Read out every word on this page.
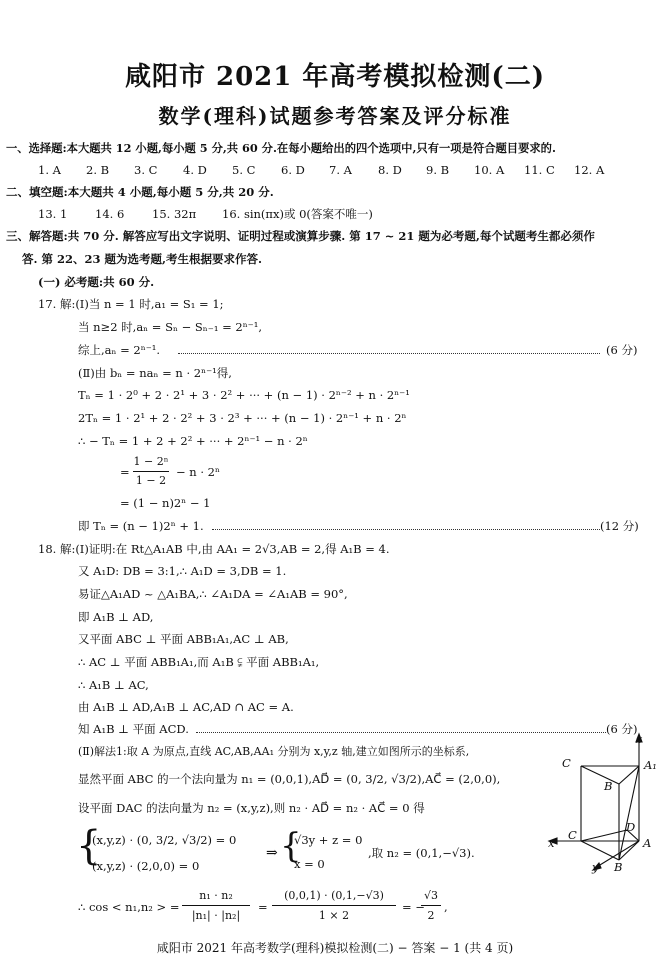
咸阳市 2021 年高考模拟检测(二)
数学(理科)试题参考答案及评分标准
一、选择题:本大题共 12 小题,每小题 5 分,共 60 分.在每小题给出的四个选项中,只有一项是符合题目要求的.
1. A 2. B 3. C 4. D 5. C 6. D 7. A 8. D 9. B 10. A 11. C 12. A
二、填空题:本大题共 4 小题,每小题 5 分,共 20 分.
13. 1 14. 6 15. 32π 16. sin(πx)或 0(答案不唯一)
三、解答题:共 70 分. 解答应写出文字说明、证明过程或演算步骤. 第 17 ~ 21 题为必考题,每个试题考生都必须作
答. 第 22、23 题为选考题,考生根据要求作答.
(一) 必考题:共 60 分.
17. 解:(Ⅰ)当 n = 1 时,a₁ = S₁ = 1;
当 n≥2 时,aₙ = Sₙ − Sₙ₋₁ = 2ⁿ⁻¹,
综上,aₙ = 2ⁿ⁻¹.	(6 分)
(Ⅱ)由 bₙ = naₙ = n · 2ⁿ⁻¹得,
Tₙ = 1 · 2⁰ + 2 · 2¹ + 3 · 2² + ··· + (n − 1) · 2ⁿ⁻² + n · 2ⁿ⁻¹
2Tₙ = 1 · 2¹ + 2 · 2² + 3 · 2³ + ··· + (n − 1) · 2ⁿ⁻¹ + n · 2ⁿ
∴ − Tₙ = 1 + 2 + 2² + ··· + 2ⁿ⁻¹ − n · 2ⁿ
=
1 − 2ⁿ
1 − 2
− n · 2ⁿ
= (1 − n)2ⁿ − 1
即 Tₙ = (n − 1)2ⁿ + 1.	(12 分)
18. 解:(Ⅰ)证明:在 Rt△A₁AB 中,由 AA₁ = 2√3,AB = 2,得 A₁B = 4.
又 A₁D: DB = 3:1,∴ A₁D = 3,DB = 1.
易证△A₁AD ~ △A₁BA,∴ ∠A₁DA = ∠A₁AB = 90°,
即 A₁B ⊥ AD,
又平面 ABC ⊥ 平面 ABB₁A₁,AC ⊥ AB,
∴ AC ⊥ 平面 ABB₁A₁,而 A₁B ⫋ 平面 ABB₁A₁,
∴ A₁B ⊥ AC,
由 A₁B ⊥ AD,A₁B ⊥ AC,AD ∩ AC = A.
知 A₁B ⊥ 平面 ACD.	(6 分)
(Ⅱ)解法1:取 A 为原点,直线 AC,AB,AA₁ 分别为 x,y,z 轴,建立如图所示的坐标系,
显然平面 ABC 的一个法向量为 n₁ = (0,0,1),AD⃗ = (0, 3/2, √3/2),AC⃗ = (2,0,0),
设平面 DAC 的法向量为 n₂ = (x,y,z),则 n₂ · AD⃗ = n₂ · AC⃗ = 0 得
{
(x,y,z) · (0, 3/2, √3/2) = 0
(x,y,z) · (2,0,0) = 0
⇒ {
√3y + z = 0
x = 0
,取 n₂ = (0,1,−√3).
∴ cos < n₁,n₂ > =
n₁ · n₂
|n₁| · |n₂|
=
(0,0,1) · (0,1,−√3)
1 × 2
= −
√3
2
,
C	A₁
B
C
D
A
x
y B
z
咸阳市 2021 年高考数学(理科)模拟检测(二) − 答案 − 1 (共 4 页)
